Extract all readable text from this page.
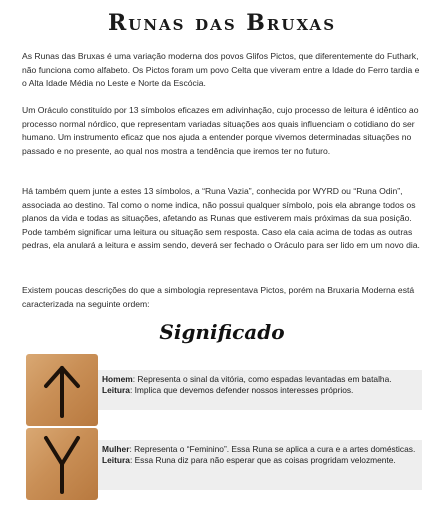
Runas das Bruxas

As Runas das Bruxas é uma variação moderna dos povos Glifos Pictos, que diferentemente do Futhark, não funciona como alfabeto. Os Pictos foram um povo Celta que viveram entre a Idade do Ferro tardia e o Alta Idade Média no Leste e Norte da Escócia.

Um Oráculo constituído por 13 símbolos eficazes em adivinhação, cujo processo de leitura é idêntico ao processo normal nórdico, que representam variadas situações aos quais influenciam o cotidiano do ser humano. Um instrumento eficaz que nos ajuda a entender porque vivemos determinadas situações no passado e no presente, ao qual nos mostra a tendência que iremos ter no futuro.

Há também quem junte a estes 13 símbolos, a “Runa Vazia”, conhecida por WYRD ou “Runa Odin”, associada ao destino. Tal como o nome indica, não possui qualquer símbolo, pois ela abrange todos os planos da vida e todas as situações, afetando as Runas que estiverem mais próximas da sua posição. Pode também significar uma leitura ou situação sem resposta. Caso ela caia acima de todas as outras pedras, ela anulará a leitura e assim sendo, deverá ser fechado o Oráculo para ser lido em um novo dia.

Existem poucas descrições do que a simbologia representava Pictos, porém na Bruxaria Moderna está caracterizada na seguinte ordem:

Significado
Homem: Representa o sinal da vitória, como espadas levantadas em batalha.
Leitura: Implica que devemos defender nossos interesses próprios.
Mulher: Representa o “Feminino”. Essa Runa se aplica a cura e a artes domésticas.
Leitura: Essa Runa diz para não esperar que as coisas progridam velozmente.
